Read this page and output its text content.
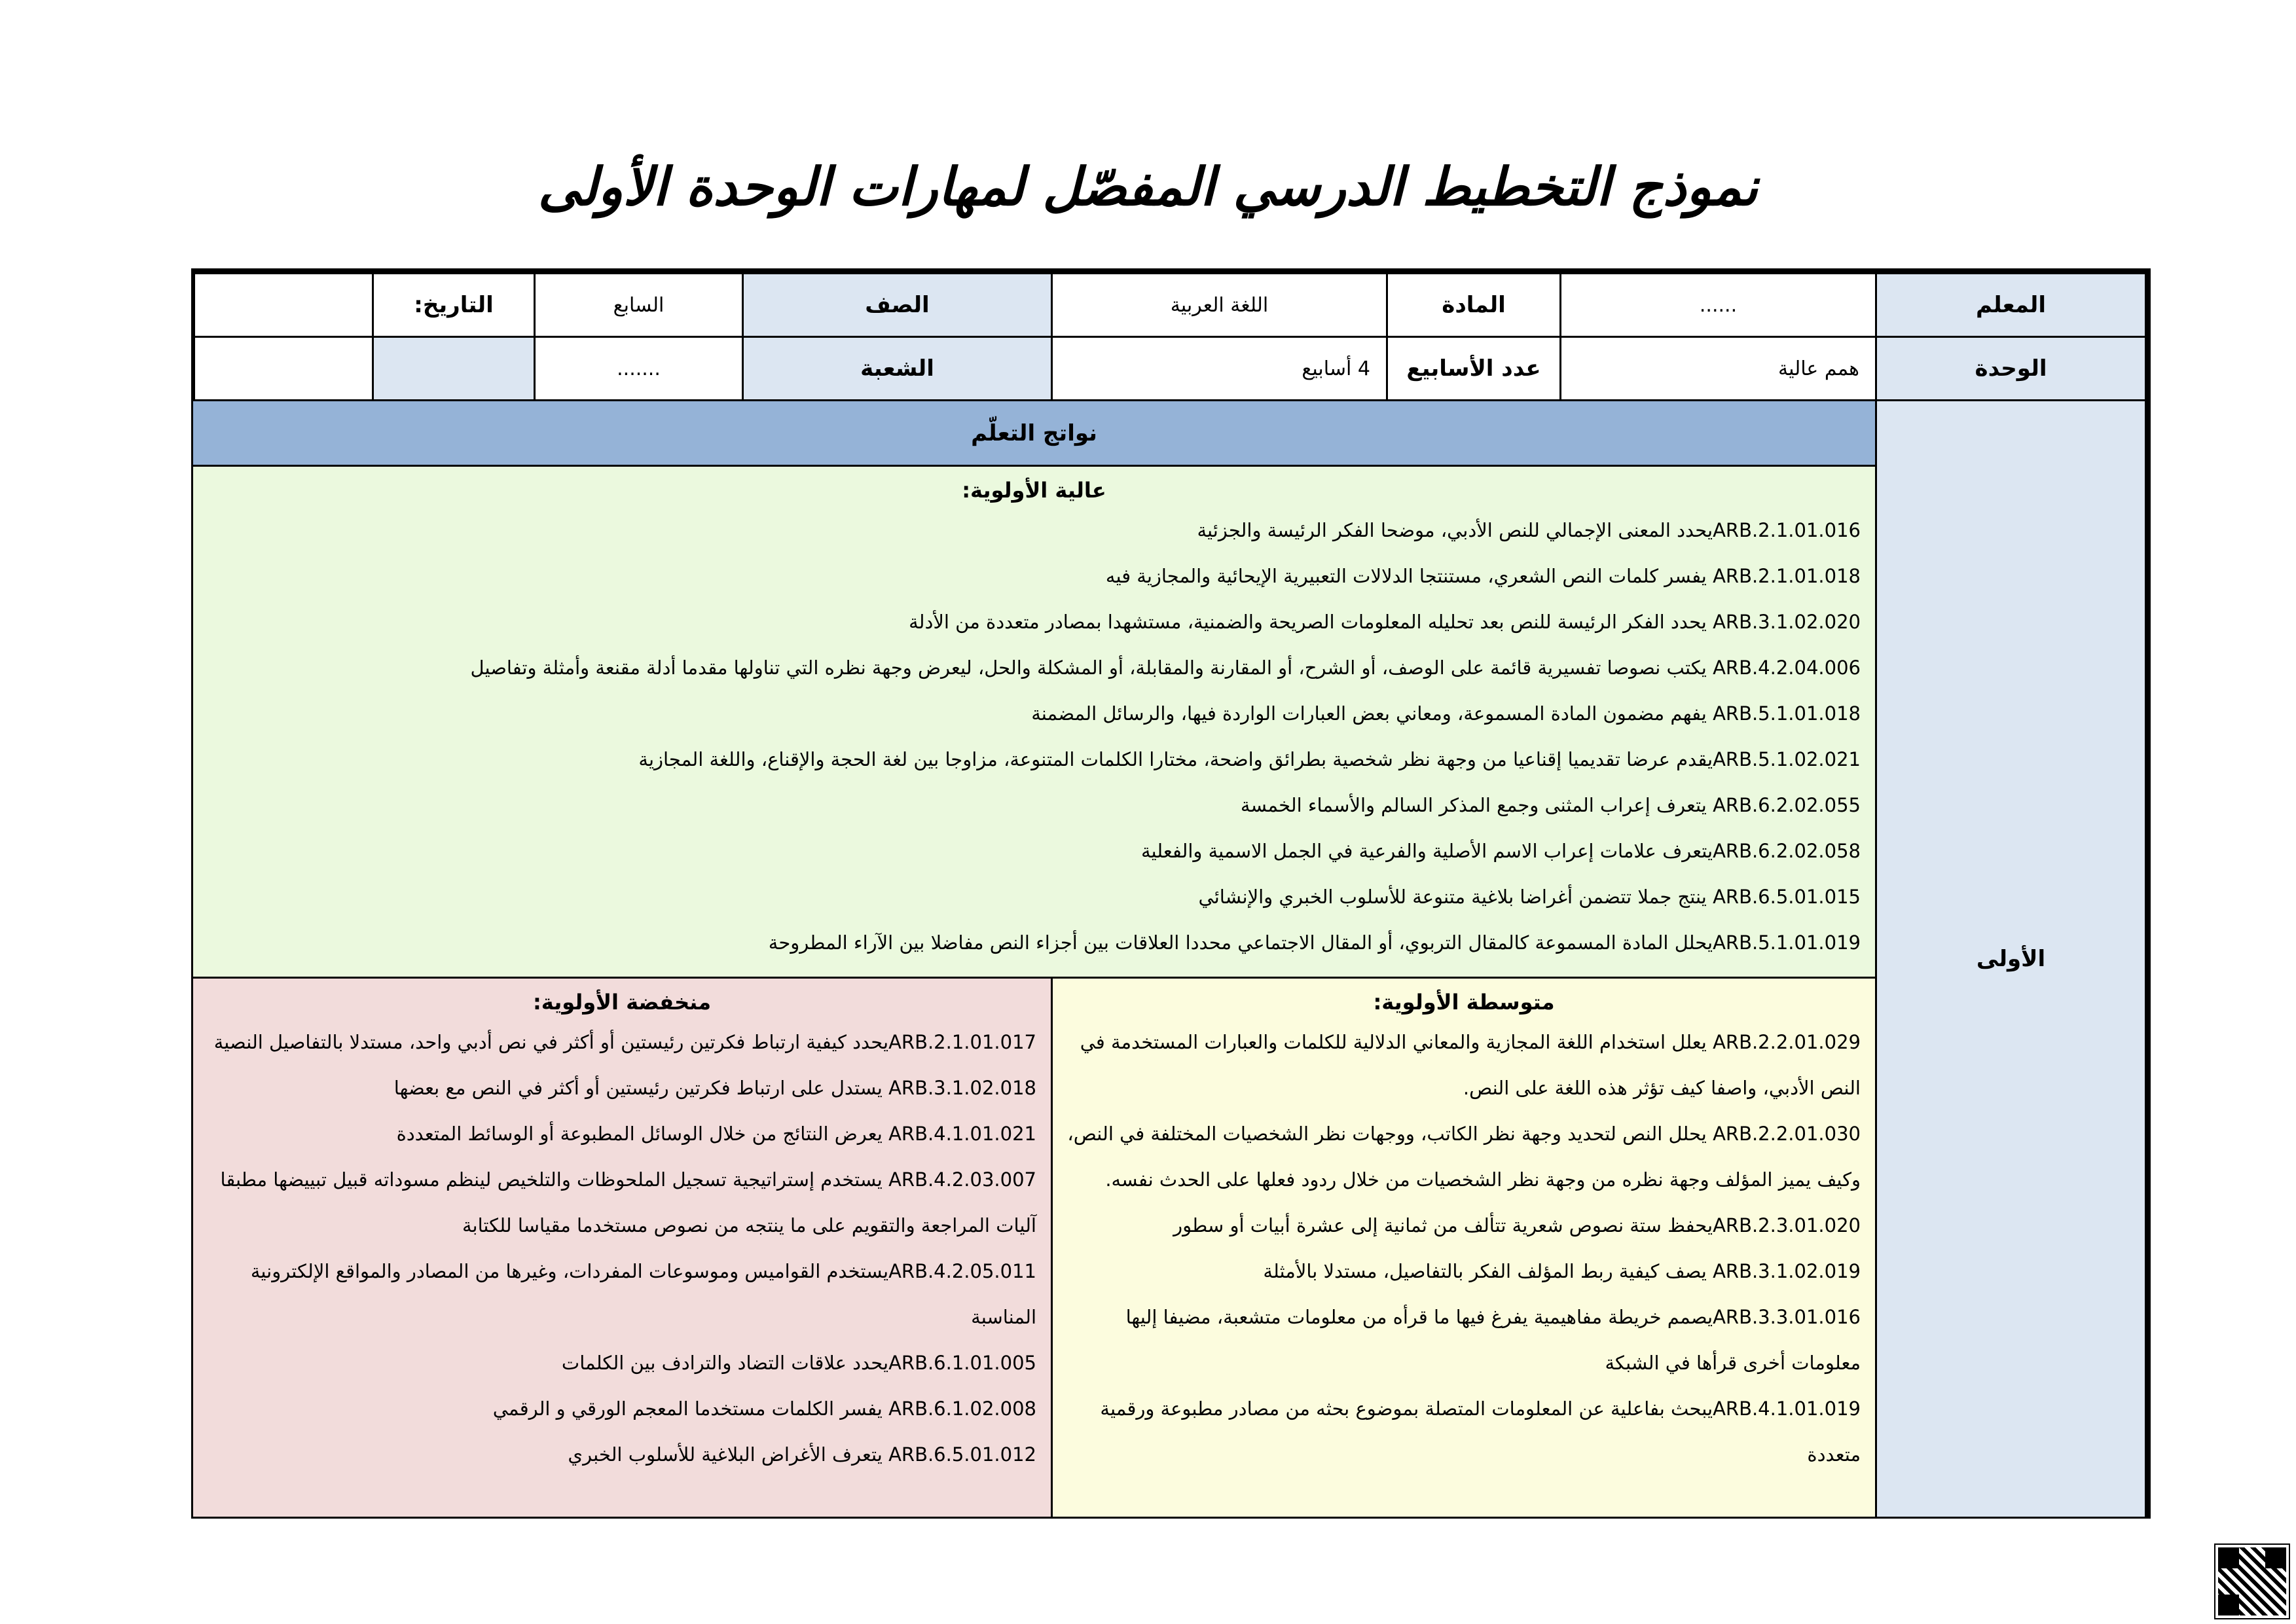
نموذج التخطيط الدرسي المفصّل لمهارات الوحدة الأولى
المعلم
......
المادة
اللغة العربية
الصف
السابع
التاريخ:
الوحدة
همم عالية
عدد الأسابيع
4 أسابيع
الشعبة
.......
الأولى
نواتج التعلّم
عالية الأولوية:
ARB.2.1.01.016يحدد المعنى الإجمالي للنص الأدبي، موضحا الفكر الرئيسة والجزئية
ARB.2.1.01.018 يفسر كلمات النص الشعري، مستنتجا الدلالات التعبيرية الإيحائية والمجازية فيه
ARB.3.1.02.020 يحدد الفكر الرئيسة للنص بعد تحليله المعلومات الصريحة والضمنية، مستشهدا بمصادر متعددة من الأدلة
ARB.4.2.04.006 يكتب نصوصا تفسيرية قائمة على الوصف، أو الشرح، أو المقارنة والمقابلة، أو المشكلة والحل، ليعرض وجهة نظره التي تناولها مقدما أدلة مقنعة وأمثلة وتفاصيل
ARB.5.1.01.018 يفهم مضمون المادة المسموعة، ومعاني بعض العبارات الواردة فيها، والرسائل المضمنة
ARB.5.1.02.021يقدم عرضا تقديميا إقناعيا من وجهة نظر شخصية بطرائق واضحة، مختارا الكلمات المتنوعة، مزاوجا بين لغة الحجة والإقناع، واللغة المجازية
ARB.6.2.02.055 يتعرف إعراب المثنى وجمع المذكر السالم والأسماء الخمسة
ARB.6.2.02.058يتعرف علامات إعراب الاسم الأصلية والفرعية في الجمل الاسمية والفعلية
ARB.6.5.01.015 ينتج جملا تتضمن أغراضا بلاغية متنوعة للأسلوب الخبري والإنشائي
ARB.5.1.01.019يحلل المادة المسموعة كالمقال التربوي، أو المقال الاجتماعي محددا العلاقات بين أجزاء النص مفاضلا بين الآراء المطروحة
متوسطة الأولوية:
ARB.2.2.01.029 يعلل استخدام اللغة المجازية والمعاني الدلالية للكلمات والعبارات المستخدمة في النص الأدبي، واصفا كيف تؤثر هذه اللغة على النص.
ARB.2.2.01.030 يحلل النص لتحديد وجهة نظر الكاتب، ووجهات نظر الشخصيات المختلفة في النص، وكيف يميز المؤلف وجهة نظره من وجهة نظر الشخصيات من خلال ردود فعلها على الحدث نفسه.
ARB.2.3.01.020يحفظ ستة نصوص شعرية تتألف من ثمانية إلى عشرة أبيات أو سطور
ARB.3.1.02.019 يصف كيفية ربط المؤلف الفكر بالتفاصيل، مستدلا بالأمثلة
ARB.3.3.01.016يصمم خريطة مفاهيمية يفرغ فيها ما قرأه من معلومات متشعبة، مضيفا إليها معلومات أخرى قرأها في الشبكة
ARB.4.1.01.019يبحث بفاعلية عن المعلومات المتصلة بموضوع بحثه من مصادر مطبوعة ورقمية متعددة
منخفضة الأولوية:
ARB.2.1.01.017يحدد كيفية ارتباط فكرتين رئيستين أو أكثر في نص أدبي واحد، مستدلا بالتفاصيل النصية
ARB.3.1.02.018 يستدل على ارتباط فكرتين رئيستين أو أكثر في النص مع بعضها
ARB.4.1.01.021 يعرض النتائج من خلال الوسائل المطبوعة أو الوسائط المتعددة
ARB.4.2.03.007 يستخدم إستراتيجية تسجيل الملحوظات والتلخيص لينظم مسوداته قبيل تبييضها مطبقا آليات المراجعة والتقويم على ما ينتجه من نصوص مستخدما مقياسا للكتابة
ARB.4.2.05.011يستخدم القواميس وموسوعات المفردات، وغيرها من المصادر والمواقع الإلكترونية المناسبة
ARB.6.1.01.005يحدد علاقات التضاد والترادف بين الكلمات
ARB.6.1.02.008 يفسر الكلمات مستخدما المعجم الورقي و الرقمي
ARB.6.5.01.012 يتعرف الأغراض البلاغية للأسلوب الخبري
